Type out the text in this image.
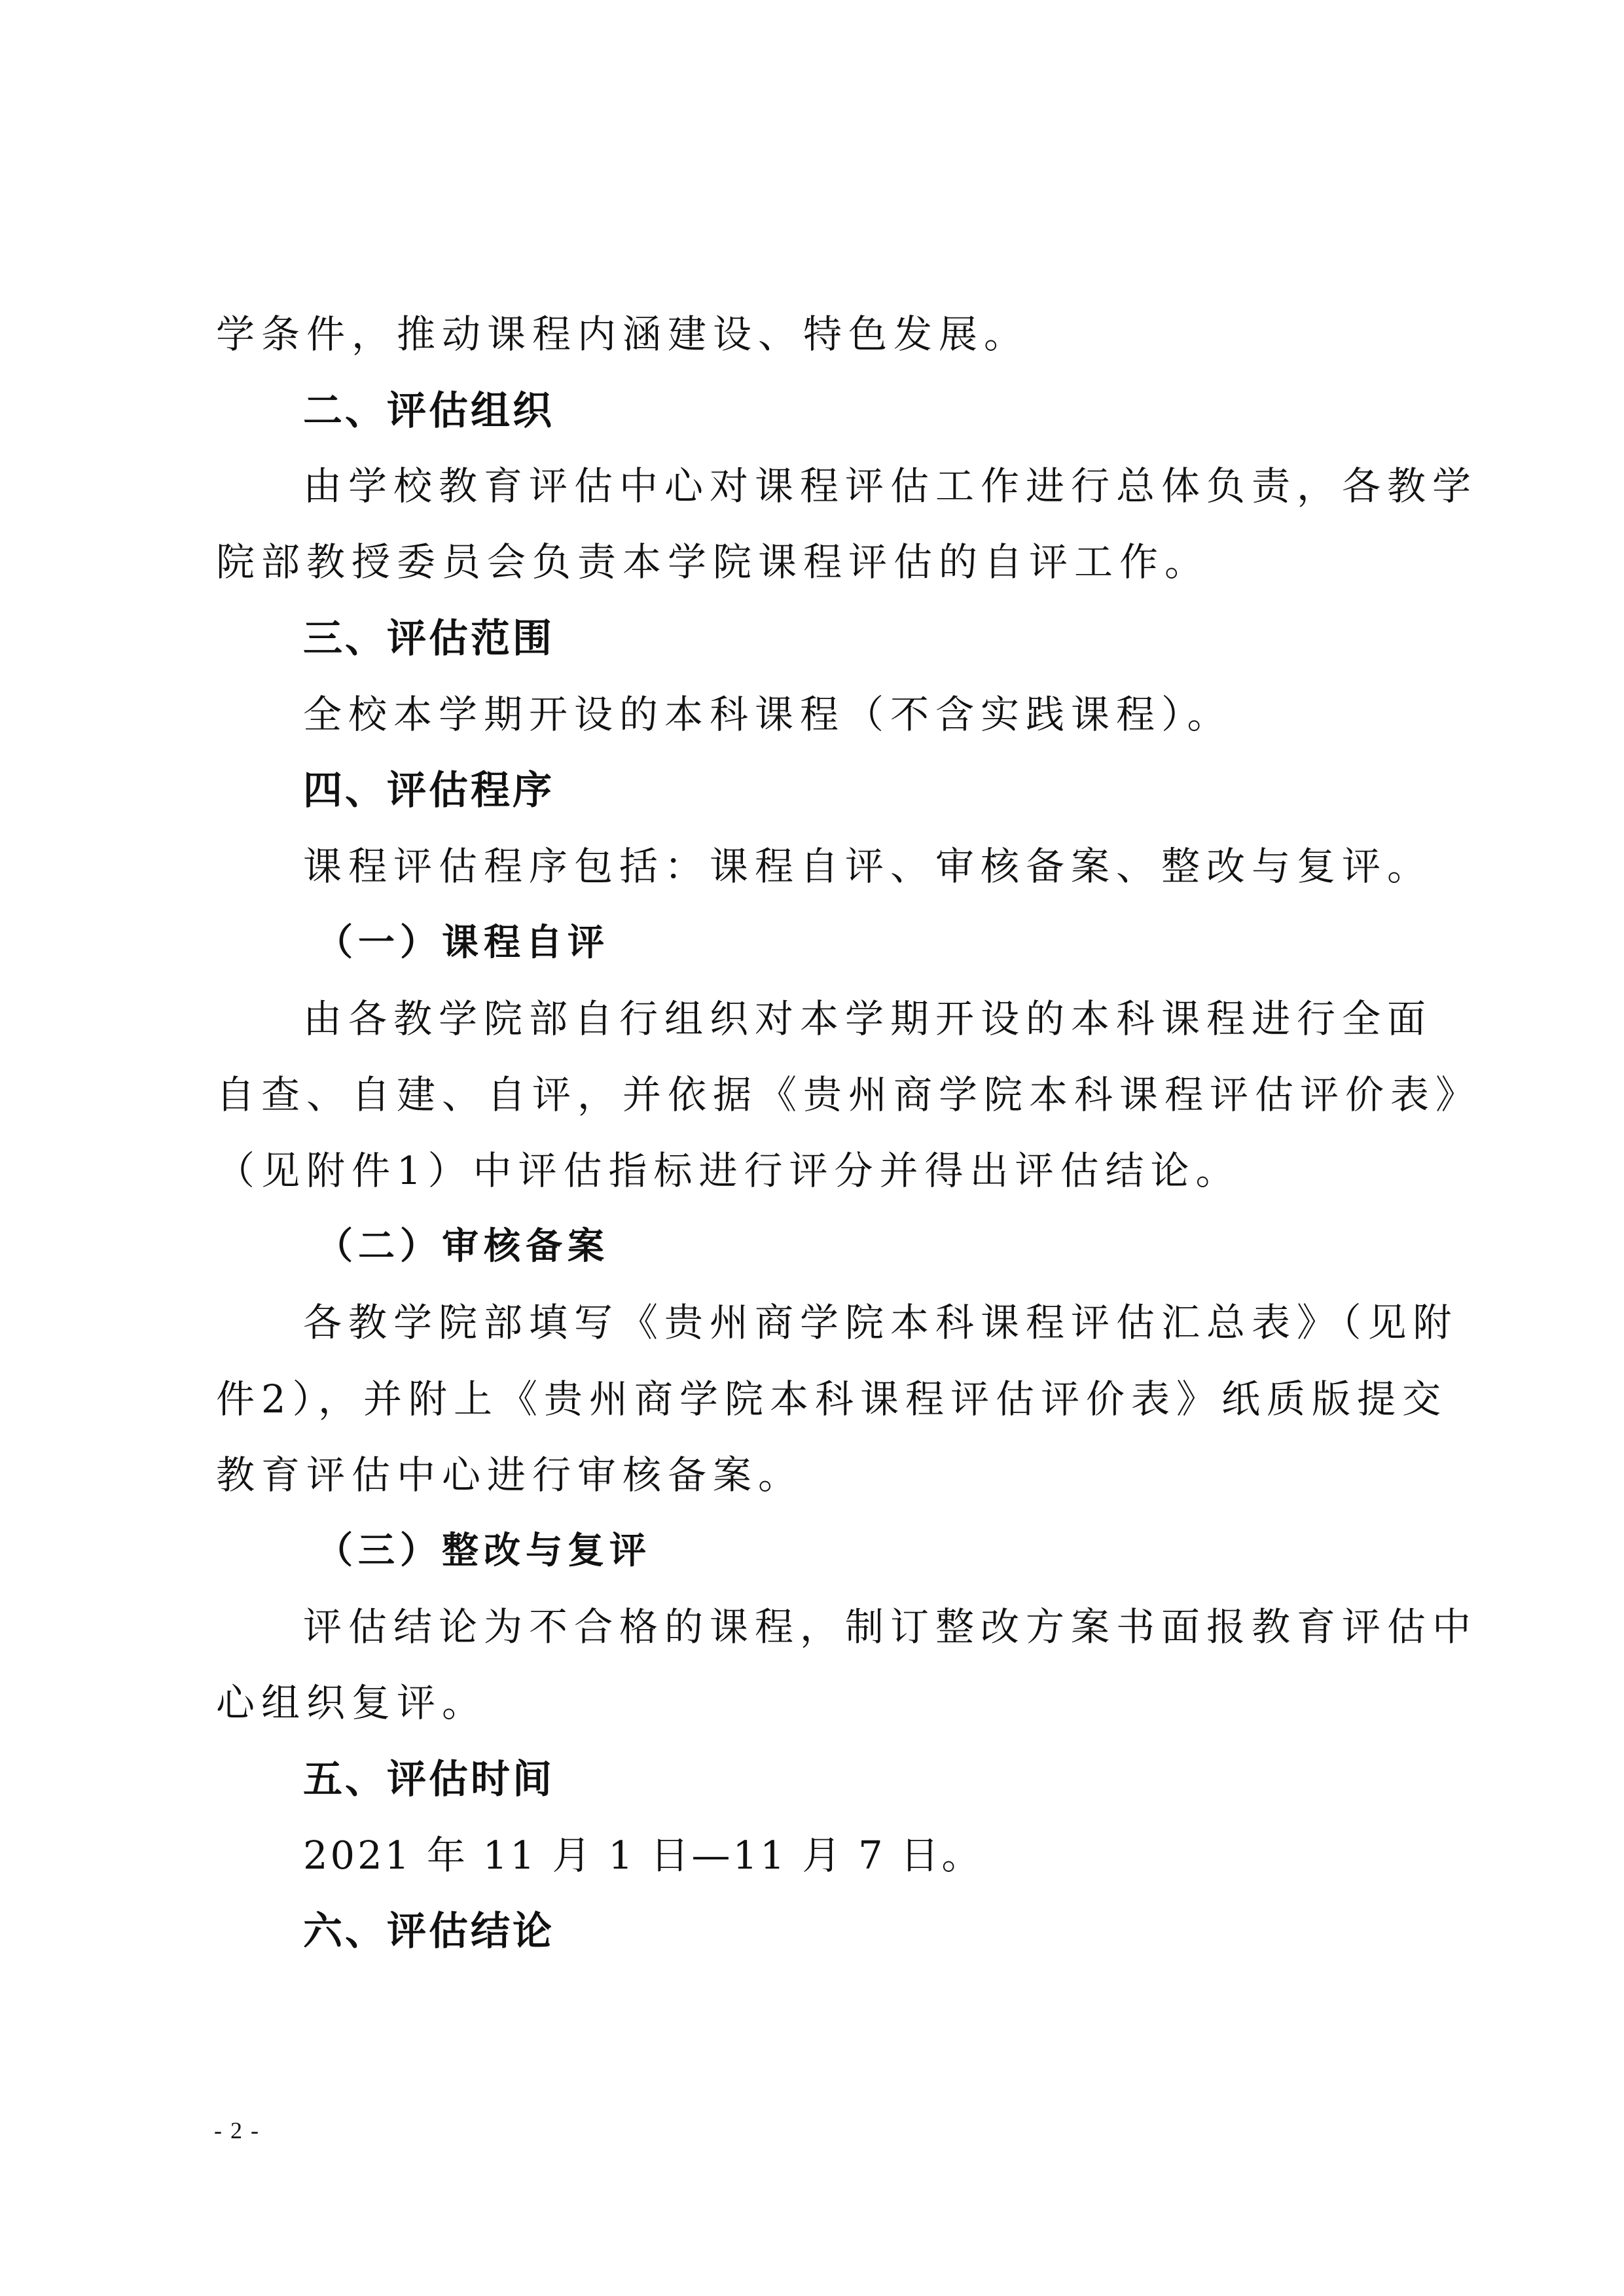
学条件，推动课程内涵建设、特色发展。
二、评估组织
由学校教育评估中心对课程评估工作进行总体负责，各教学
院部教授委员会负责本学院课程评估的自评工作。
三、评估范围
全校本学期开设的本科课程（不含实践课程）。
四、评估程序
课程评估程序包括：课程自评、审核备案、整改与复评。
（一）课程自评
由各教学院部自行组织对本学期开设的本科课程进行全面
自查、自建、自评，并依据《贵州商学院本科课程评估评价表》
（见附件1）中评估指标进行评分并得出评估结论。
（二）审核备案
各教学院部填写《贵州商学院本科课程评估汇总表》（见附
件2），并附上《贵州商学院本科课程评估评价表》纸质版提交
教育评估中心进行审核备案。
（三）整改与复评
评估结论为不合格的课程，制订整改方案书面报教育评估中
心组织复评。
五、评估时间
2021 年 11 月 1 日—11 月 7 日。
六、评估结论
- 2 -
